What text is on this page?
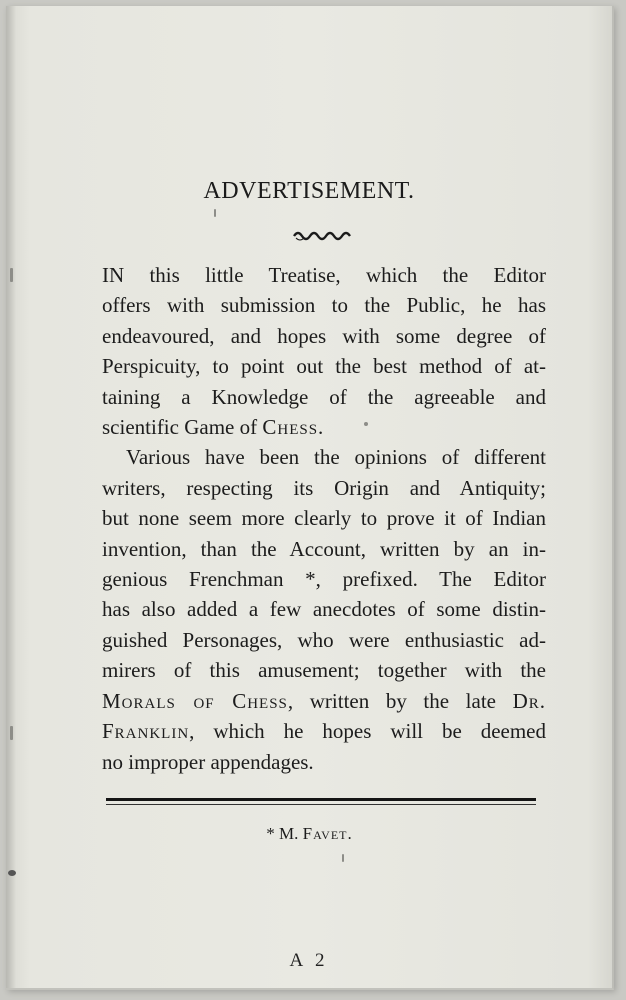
ADVERTISEMENT.
IN this little Treatise, which the Editor
offers with submission to the Public, he has
endeavoured, and hopes with some degree of
Perspicuity, to point out the best method of at-
taining a Knowledge of the agreeable and
scientific Game of Chess.
Various have been the opinions of different
writers, respecting its Origin and Antiquity;
but none seem more clearly to prove it of Indian
invention, than the Account, written by an in-
genious Frenchman *, prefixed. The Editor
has also added a few anecdotes of some distin-
guished Personages, who were enthusiastic ad-
mirers of this amusement; together with the
Morals of Chess, written by the late Dr.
Franklin, which he hopes will be deemed
no improper appendages.
* M. Favet.
A 2
